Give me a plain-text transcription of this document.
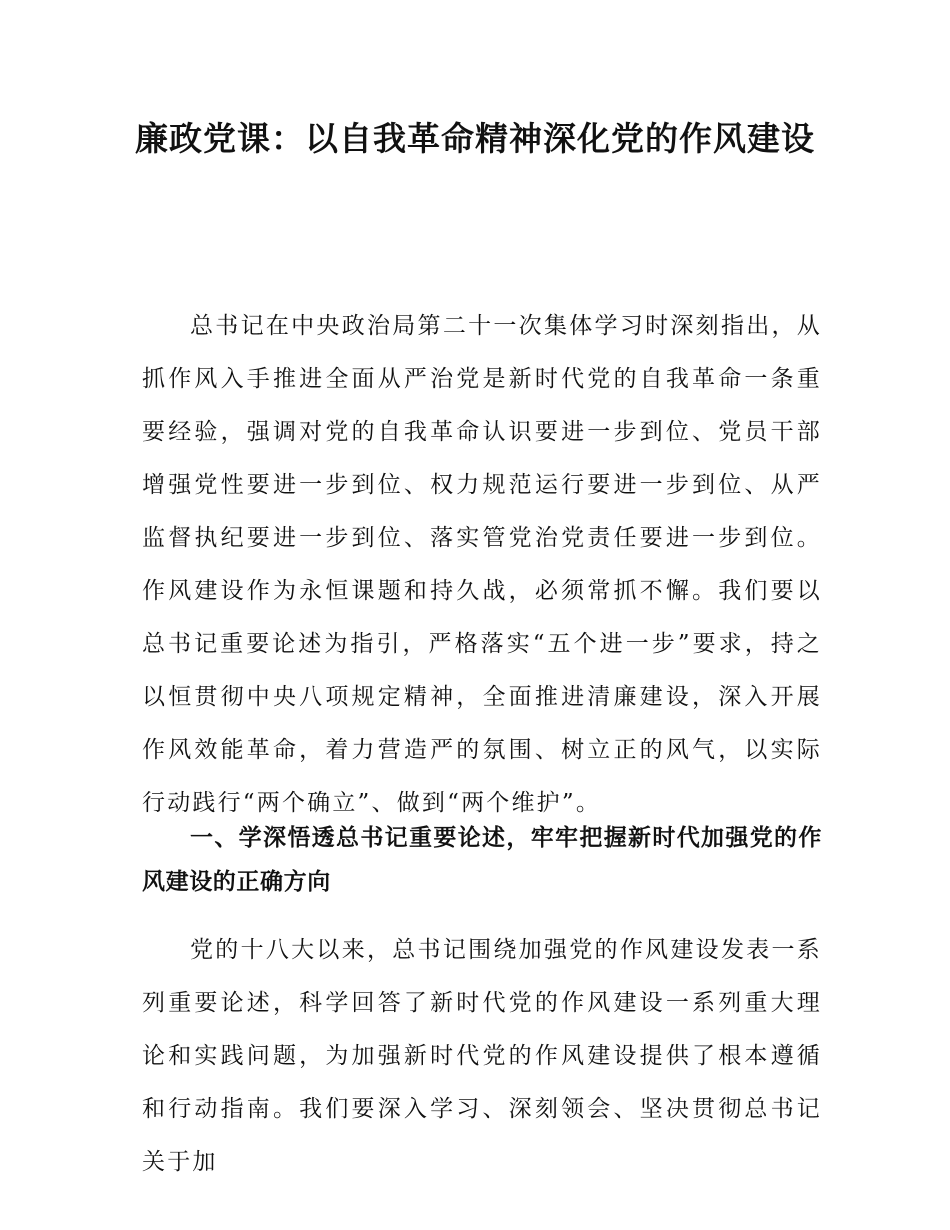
廉政党课：以自我革命精神深化党的作风建设

总书记在中央政治局第二十一次集体学习时深刻指出，从抓作风入手推进全面从严治党是新时代党的自我革命一条重要经验，强调对党的自我革命认识要进一步到位、党员干部增强党性要进一步到位、权力规范运行要进一步到位、从严监督执纪要进一步到位、落实管党治党责任要进一步到位。作风建设作为永恒课题和持久战，必须常抓不懈。我们要以总书记重要论述为指引，严格落实“五个进一步”要求，持之以恒贯彻中央八项规定精神，全面推进清廉建设，深入开展作风效能革命，着力营造严的氛围、树立正的风气，以实际行动践行“两个确立”、做到“两个维护”。

一、学深悟透总书记重要论述，牢牢把握新时代加强党的作风建设的正确方向

党的十八大以来，总书记围绕加强党的作风建设发表一系列重要论述，科学回答了新时代党的作风建设一系列重大理论和实践问题，为加强新时代党的作风建设提供了根本遵循和行动指南。我们要深入学习、深刻领会、坚决贯彻总书记关于加
